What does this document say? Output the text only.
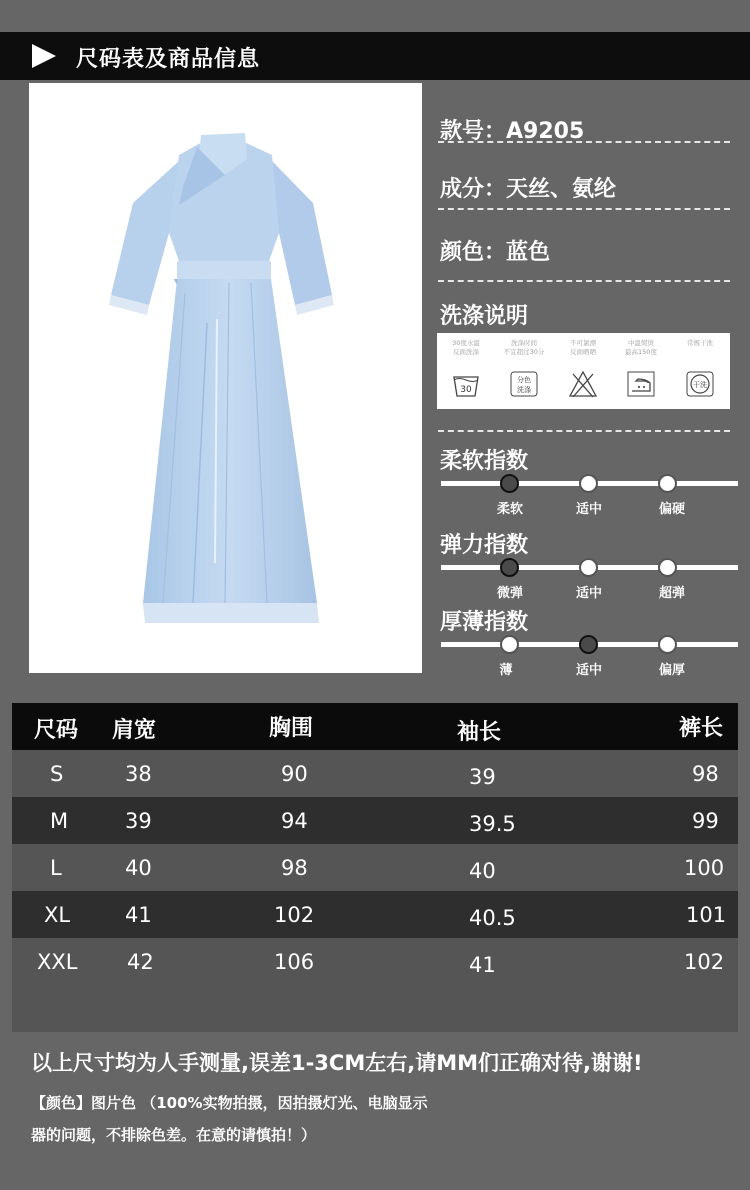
尺码表及商品信息
款号：A9205
成分：天丝、氨纶
颜色：蓝色
洗涤说明
30度水温
反面洗涤
30
洗涤时间
不宜超过30分
分色
洗涤
不可氯漂
反面晒晒
中温熨烫
最高150度
常规干洗

干洗
柔软指数
柔软	适中	偏硬
弹力指数
微弹	适中	超弹
厚薄指数
薄	适中	偏厚
尺码 肩宽	胸围	袖长	裤长
S	38	90	39	98
M	39	94	39.5	99
L	40	98	40	100
XL	41	102	40.5	101
XXL 42	106	41	102
以上尺寸均为人手测量,误差1-3CM左右,请MM们正确对待,谢谢!
【颜色】图片色 （100%实物拍摄，因拍摄灯光、电脑显示
器的问题，不排除色差。在意的请慎拍！）
